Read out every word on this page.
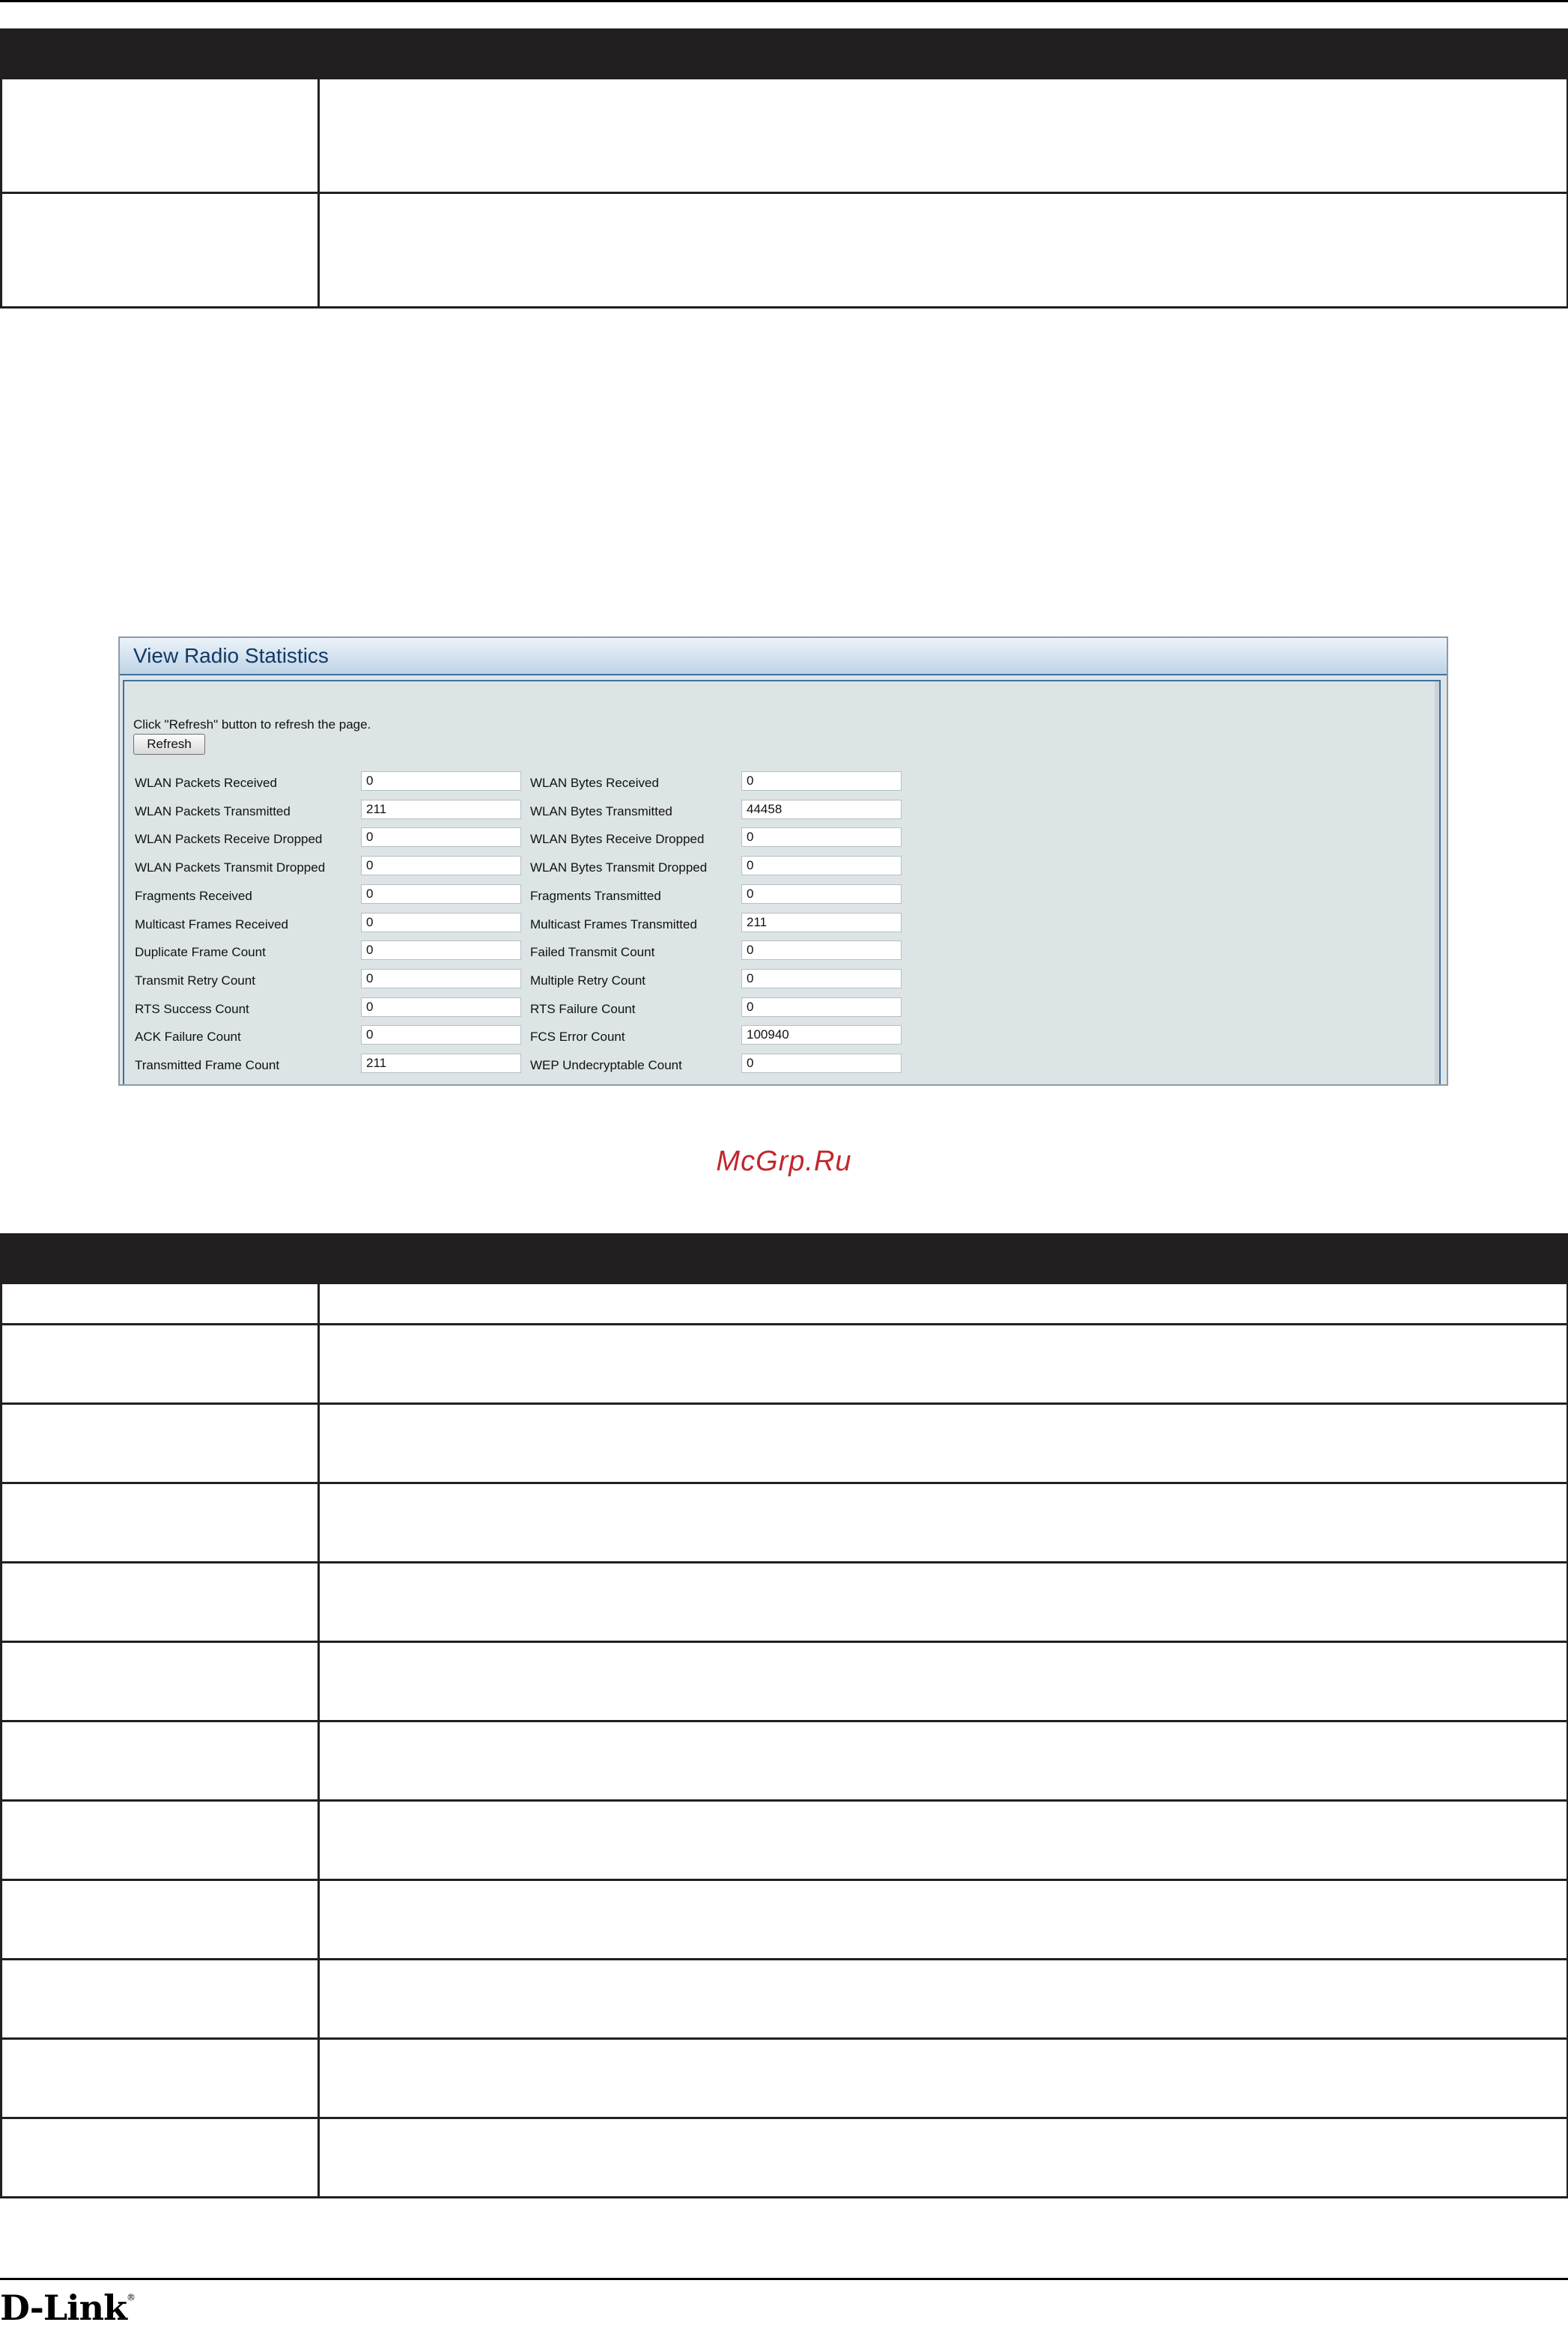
View Radio Statistics
Click "Refresh" button to refresh the page.
Refresh
WLAN Packets Received	0	WLAN Bytes Received	0
WLAN Packets Transmitted	211	WLAN Bytes Transmitted	44458
WLAN Packets Receive Dropped	0	WLAN Bytes Receive Dropped	0
WLAN Packets Transmit Dropped	0	WLAN Bytes Transmit Dropped	0
Fragments Received	0	Fragments Transmitted	0
Multicast Frames Received	0	Multicast Frames Transmitted	211
Duplicate Frame Count	0	Failed Transmit Count	0
Transmit Retry Count	0	Multiple Retry Count	0
RTS Success Count	0	RTS Failure Count	0
ACK Failure Count	0	FCS Error Count	100940
Transmitted Frame Count	211	WEP Undecryptable Count	0
McGrp.Ru

D-Link®
